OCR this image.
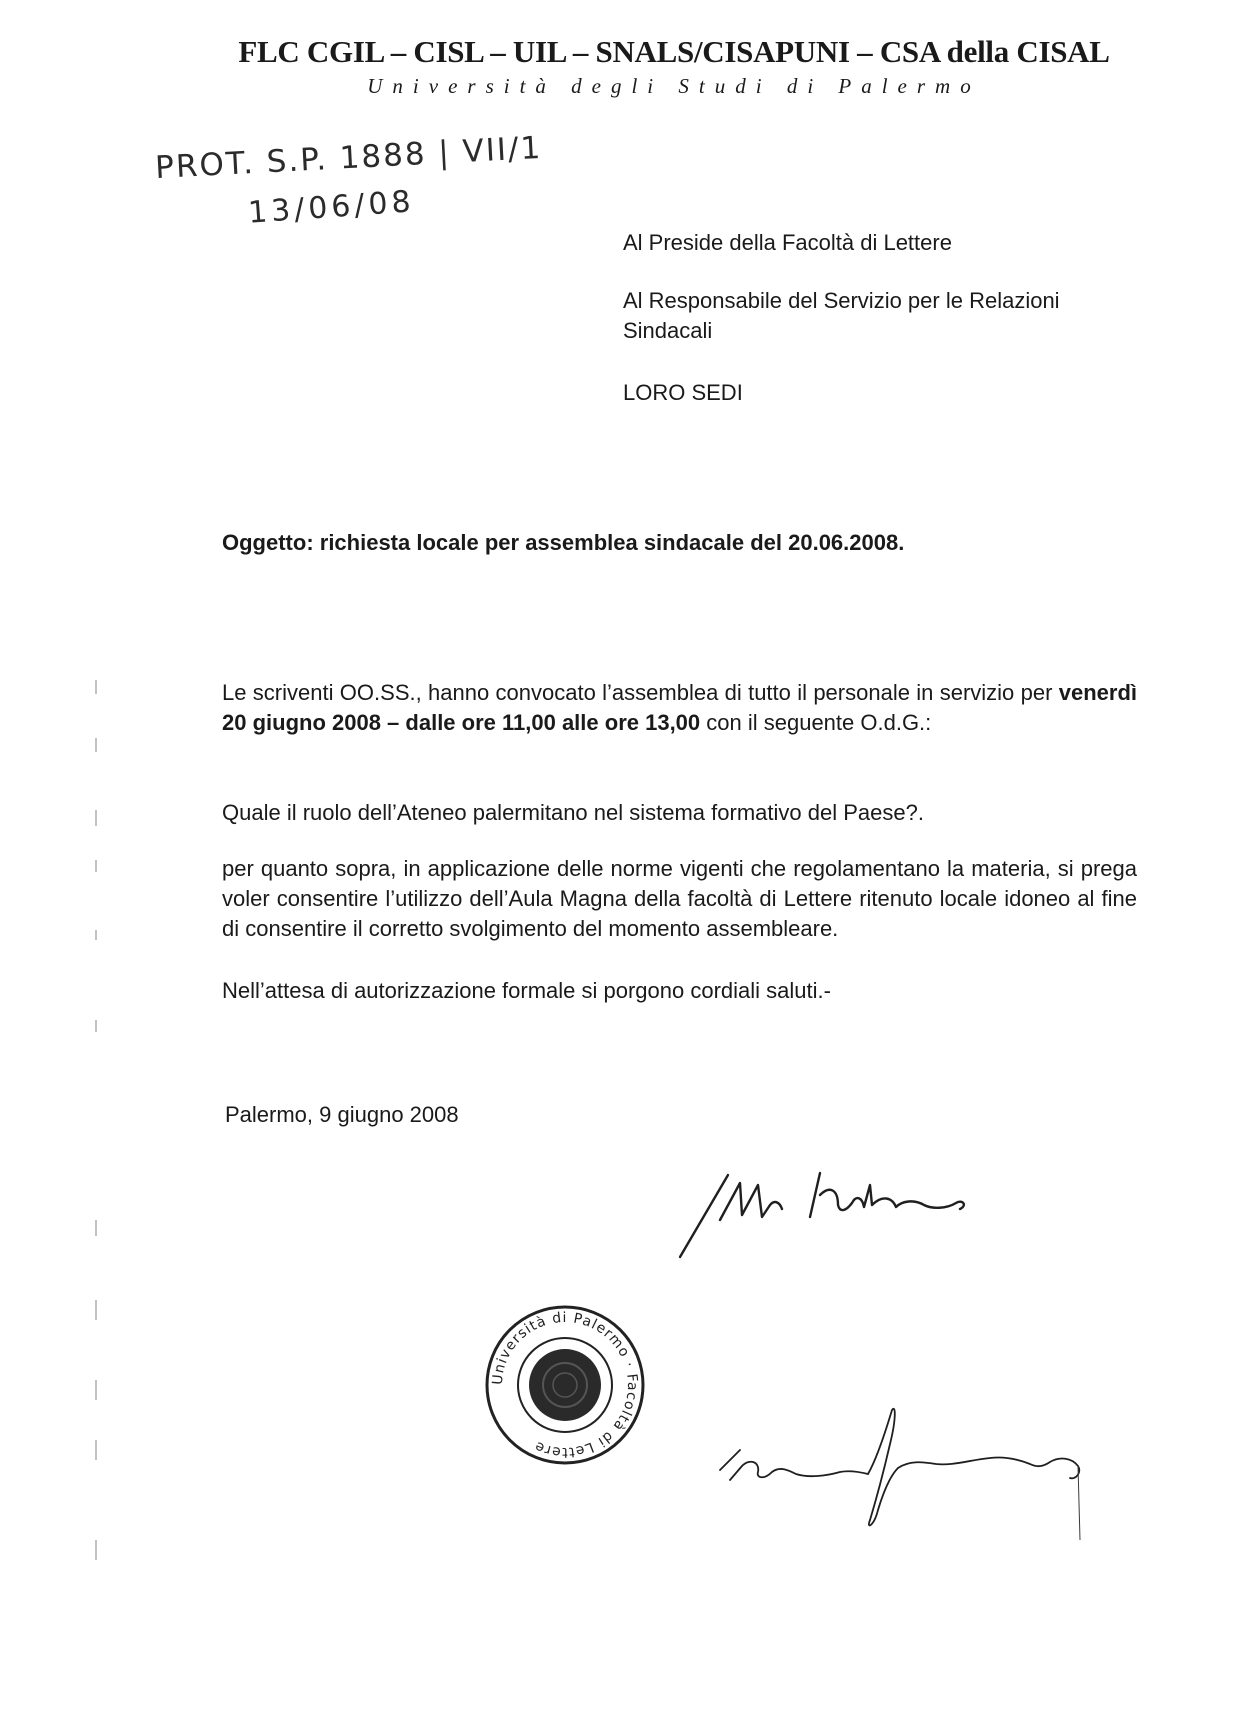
FLC CGIL – CISL – UIL – SNALS/CISAPUNI – CSA della CISAL
Università degli Studi di Palermo
PROT. S.P. 1888 | VII/1
13/06/08
Al Preside della Facoltà di Lettere
Al Responsabile del Servizio per le Relazioni Sindacali
LORO SEDI
Oggetto: richiesta locale per assemblea sindacale del 20.06.2008.
Le scriventi OO.SS., hanno convocato l’assemblea di tutto il personale in servizio per venerdì 20 giugno 2008 – dalle ore 11,00 alle ore 13,00 con il seguente O.d.G.:
Quale il ruolo dell’Ateneo palermitano nel sistema formativo del Paese?.
per quanto sopra, in applicazione delle norme vigenti che regolamentano la materia, si prega voler consentire l’utilizzo dell’Aula Magna della facoltà di Lettere ritenuto locale idoneo al fine di consentire il corretto svolgimento del momento assembleare.
Nell’attesa di autorizzazione formale si porgono cordiali saluti.-
Palermo, 9 giugno 2008
Università di Palermo · Facoltà di Lettere
